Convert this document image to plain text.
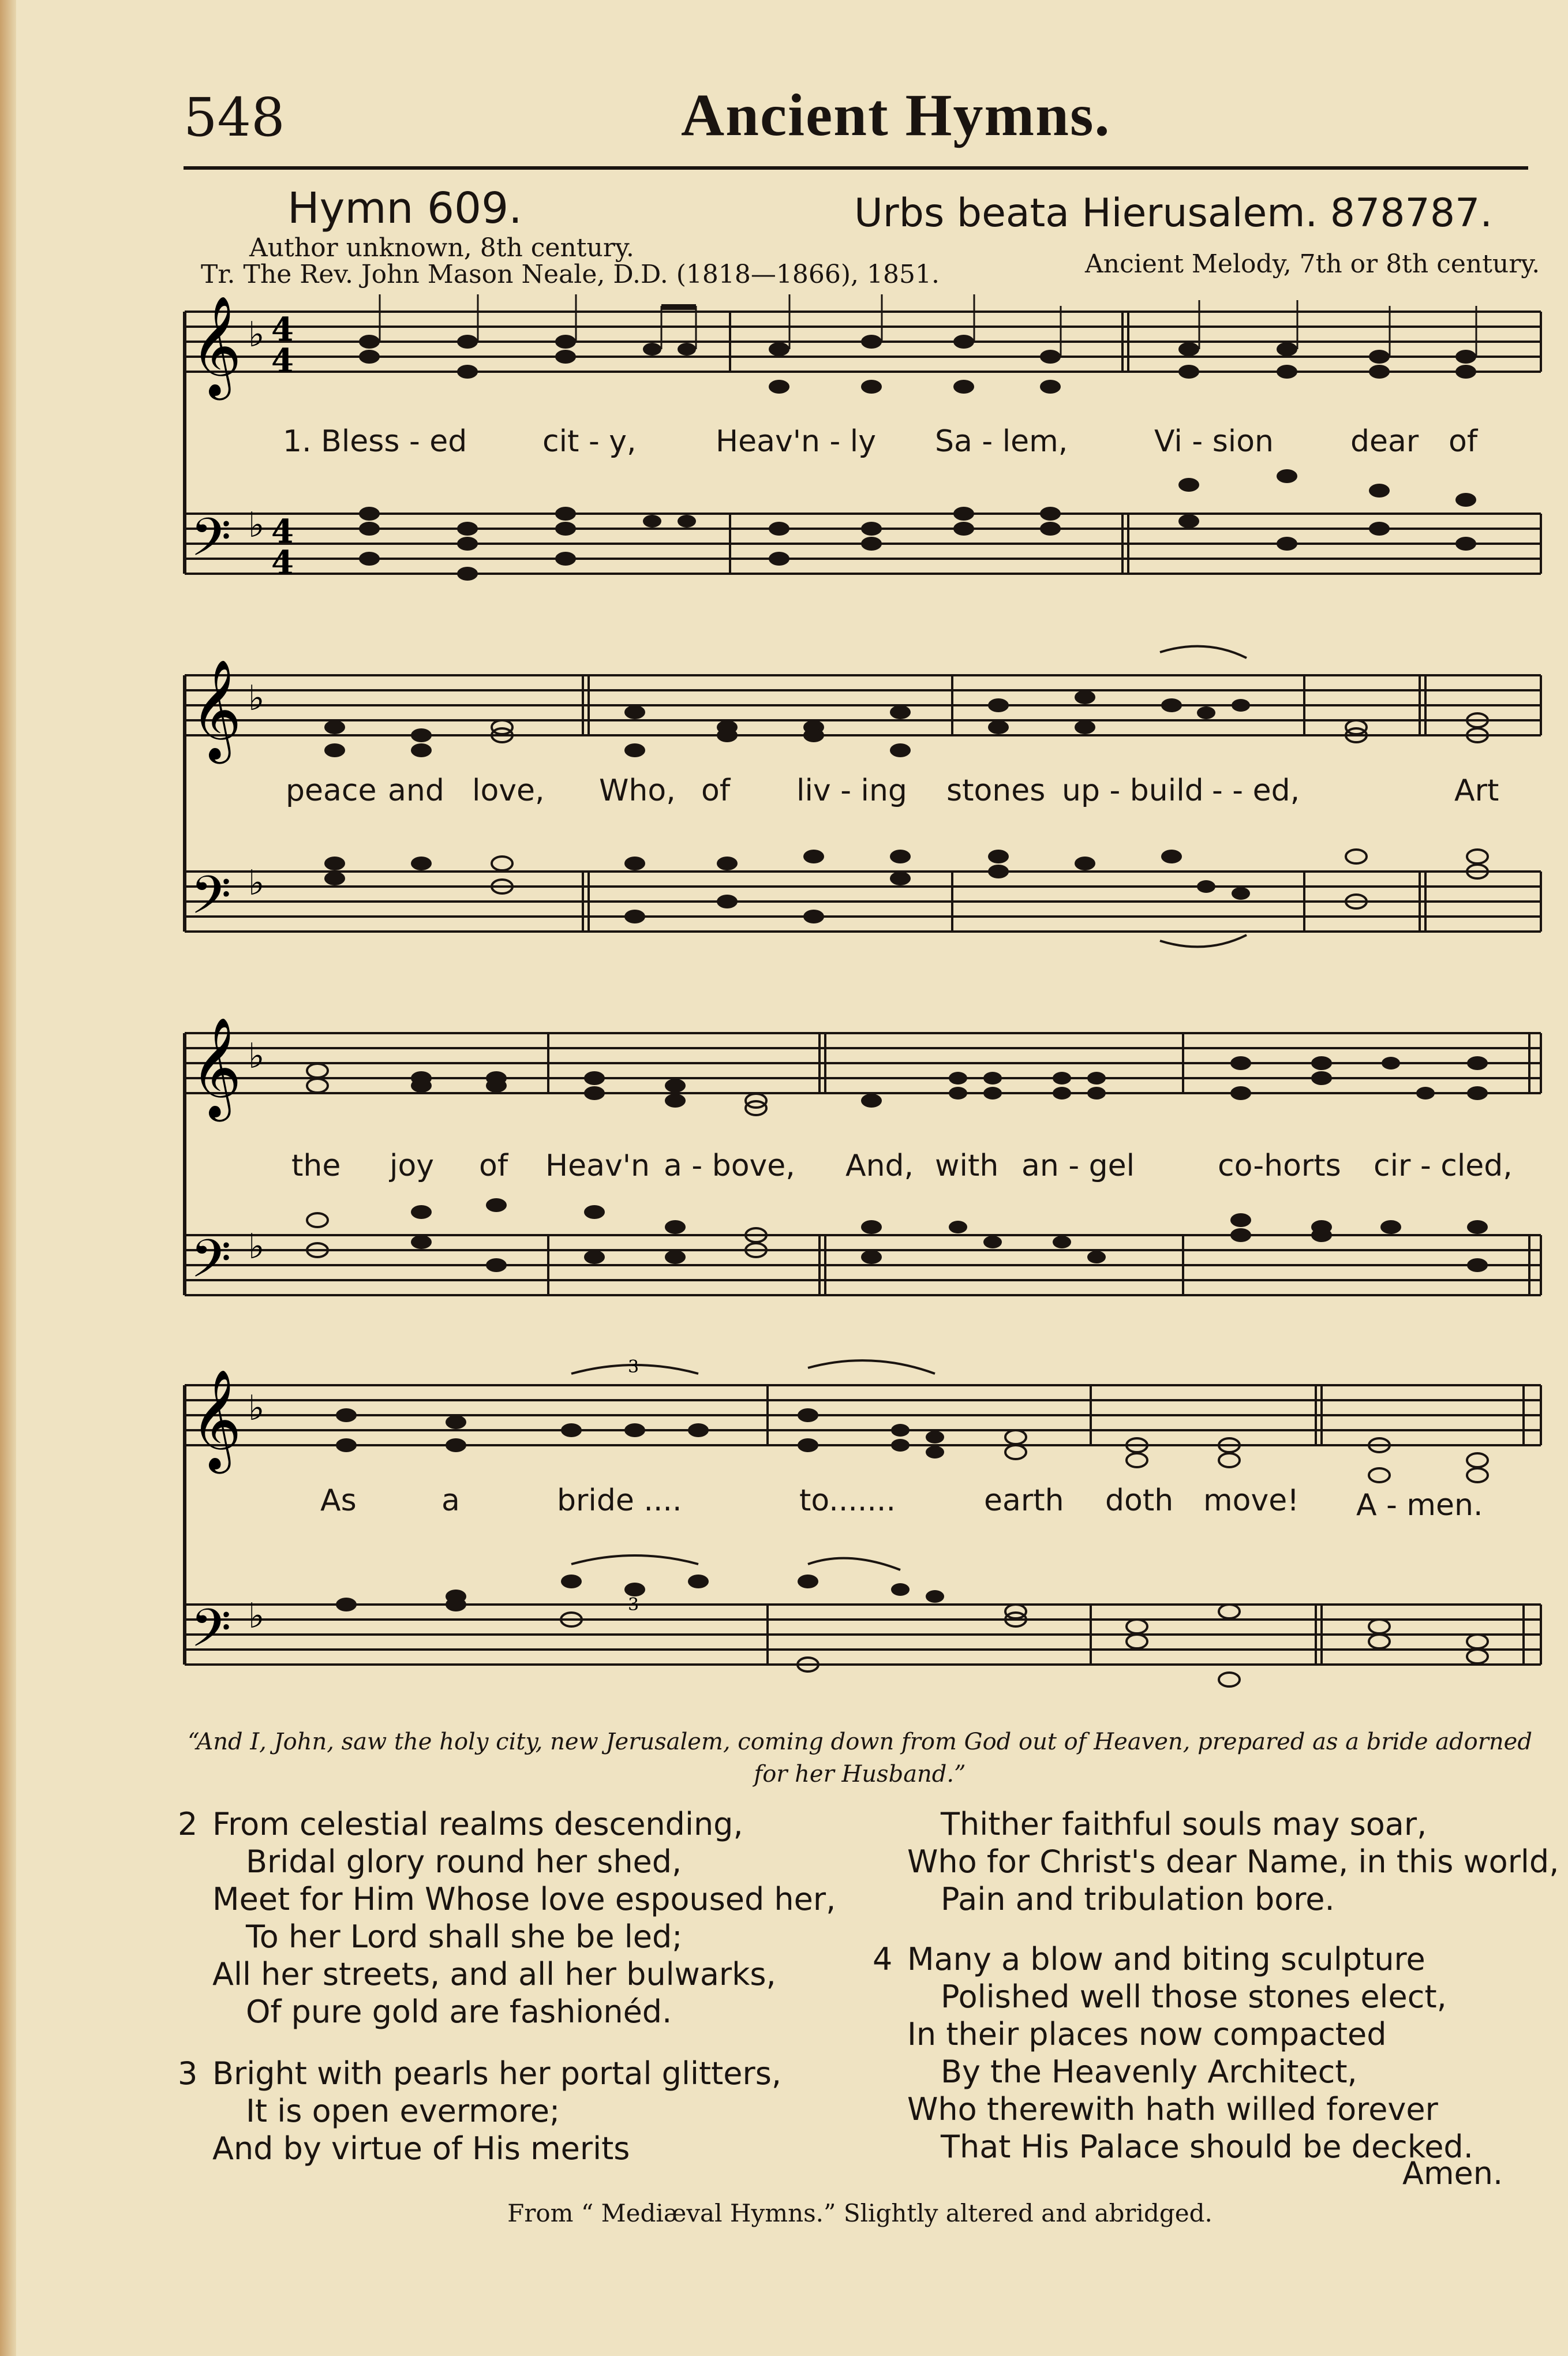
548	Ancient Hymns.
Hymn 609.	Urbs beata Hierusalem. 878787.
Author unknown, 8th century.
Tr. The Rev. John Mason Neale, D.D. (1818—1866), 1851.	Ancient Melody, 7th or 8th century.
𝄞
𝄢
♭
♭
4
4
4
4
1. Bless - ed	cit - y,	Heav'n - ly Sa - lem,	Vi - sion	dear of
𝄞
𝄢
♭
♭
peace and love, Who, of liv - ing stones up - build - - ed,	Art
𝄞
𝄢
♭
♭
the joy of Heav'n a - bove, And, with an - gel	co-horts cir - cled,
𝄞
𝄢
♭
♭
3
3
As	a	bride ....	to.......	earth doth move! A - men.
“And I, John, saw the holy city, new Jerusalem, coming down from God out of Heaven, prepared as a bride adorned for her Husband.”
2 From celestial realms descending,
Bridal glory round her shed,
Meet for Him Whose love espoused her,
To her Lord shall she be led;
All her streets, and all her bulwarks,
Of pure gold are fashionéd.
3 Bright with pearls her portal glitters,
It is open evermore;
And by virtue of His merits
Thither faithful souls may soar,
Who for Christ's dear Name, in this world,
Pain and tribulation bore.
4 Many a blow and biting sculpture
Polished well those stones elect,
In their places now compacted
By the Heavenly Architect,
Who therewith hath willed forever
That His Palace should be decked.
Amen.
From “ Mediæval Hymns.” Slightly altered and abridged.
